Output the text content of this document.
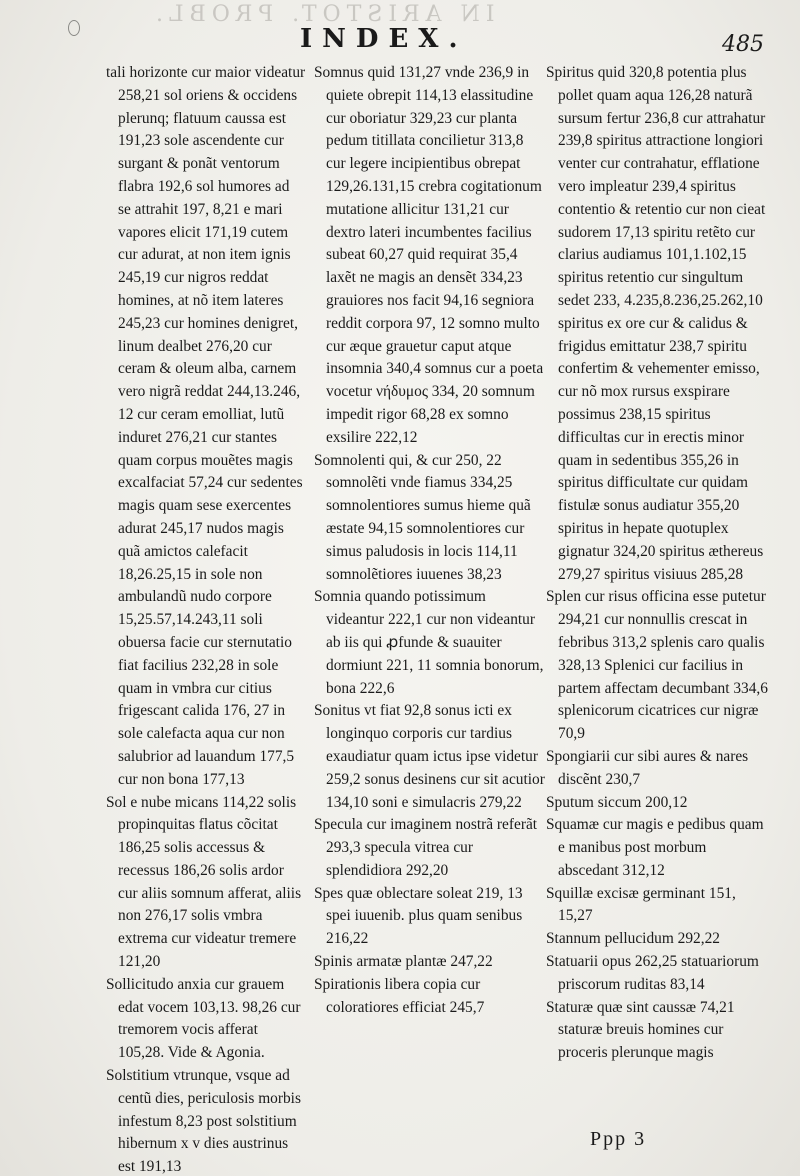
IN ARISTOT. PROBL.
INDEX.	485

tali horizonte cur maior videatur 258,21 sol oriens & occidens plerunq; flatuum caussa est 191,23 sole ascendente cur surgant & ponãt ventorum flabra 192,6 sol humores ad se attrahit 197, 8,21 e mari vapores elicit 171,19 cutem cur adurat, at non item ignis 245,19 cur nigros reddat homines, at nõ item lateres 245,23 cur homines denigret, linum dealbet 276,20 cur ceram & oleum alba, carnem vero nigrã reddat 244,13.246, 12 cur ceram emolliat, lutũ induret 276,21 cur stantes quam corpus mouẽtes magis excalfaciat 57,24 cur sedentes magis quam sese exercentes adurat 245,17 nudos magis quã amictos calefacit 18,26.25,15 in sole non ambulandũ nudo corpore 15,25.57,14.243,11 soli obuersa facie cur sternutatio fiat facilius 232,28 in sole quam in vmbra cur citius frigescant calida 176, 27 in sole calefacta aqua cur non salubrior ad lauandum 177,5 cur non bona 177,13

Sol e nube micans 114,22 solis propinquitas flatus cõcitat 186,25 solis accessus & recessus 186,26 solis ardor cur aliis somnum afferat, aliis non 276,17 solis vmbra extrema cur videatur tremere 121,20

Sollicitudo anxia cur grauem edat vocem 103,13. 98,26 cur tremorem vocis afferat 105,28. Vide & Agonia.

Solstitium vtrunque, vsque ad centũ dies, periculosis morbis infestum 8,23 post solstitium hibernum x v dies austrinus est 191,13

Somnus quid 131,27 vnde 236,9 in quiete obrepit 114,13 elassitudine cur oboriatur 329,23 cur planta pedum titillata concilietur 313,8 cur legere incipientibus obrepat 129,26.131,15 crebra cogitationum mutatione allicitur 131,21 cur dextro lateri incumbentes facilius subeat 60,27 quid requirat 35,4 laxẽt ne magis an densẽt 334,23 grauiores nos facit 94,16 segniora reddit corpora 97, 12 somno multo cur æque grauetur caput atque insomnia 340,4 somnus cur a poeta vocetur νήδυμος 334, 20 somnum impedit rigor 68,28 ex somno exsilire 222,12

Somnolenti qui, & cur 250, 22 somnolẽti vnde fiamus 334,25 somnolentiores sumus hieme quã æstate 94,15 somnolentiores cur simus paludosis in locis 114,11 somnolẽtiores iuuenes 38,23

Somnia quando potissimum videantur 222,1 cur non videantur ab iis qui ꝓfunde & suauiter dormiunt 221, 11 somnia bonorum, bona 222,6

Sonitus vt fiat 92,8 sonus icti ex longinquo corporis cur tardius exaudiatur quam ictus ipse videtur 259,2 sonus desinens cur sit acutior 134,10 soni e simulacris 279,22

Specula cur imaginem nostrã referãt 293,3 specula vitrea cur splendidiora 292,20

Spes quæ oblectare soleat 219, 13 spei iuuenib. plus quam senibus 216,22

Spinis armatæ plantæ 247,22

Spirationis libera copia cur coloratiores efficiat 245,7

Spiritus quid 320,8 potentia plus pollet quam aqua 126,28 naturã sursum fertur 236,8 cur attrahatur 239,8 spiritus attractione longiori venter cur contrahatur, efflatione vero impleatur 239,4 spiritus contentio & retentio cur non cieat sudorem 17,13 spiritu retẽto cur clarius audiamus 101,1.102,15 spiritus retentio cur singultum sedet 233, 4.235,8.236,25.262,10 spiritus ex ore cur & calidus & frigidus emittatur 238,7 spiritu confertim & vehementer emisso, cur nõ mox rursus exspirare possimus 238,15 spiritus difficultas cur in erectis minor quam in sedentibus 355,26 in spiritus difficultate cur quidam fistulæ sonus audiatur 355,20 spiritus in hepate quotuplex gignatur 324,20 spiritus æthereus 279,27 spiritus visiuus 285,28

Splen cur risus officina esse putetur 294,21 cur nonnullis crescat in febribus 313,2 splenis caro qualis 328,13 Splenici cur facilius in partem affectam decumbant 334,6 splenicorum cicatrices cur nigræ 70,9

Spongiarii cur sibi aures & nares discẽnt 230,7

Sputum siccum 200,12

Squamæ cur magis e pedibus quam e manibus post morbum abscedant 312,12

Squillæ excisæ germinant 151, 15,27

Stannum pellucidum 292,22

Statuarii opus 262,25 statuariorum priscorum ruditas 83,14

Staturæ quæ sint caussæ 74,21 staturæ breuis homines cur proceris plerunque magis

Ppp 3
